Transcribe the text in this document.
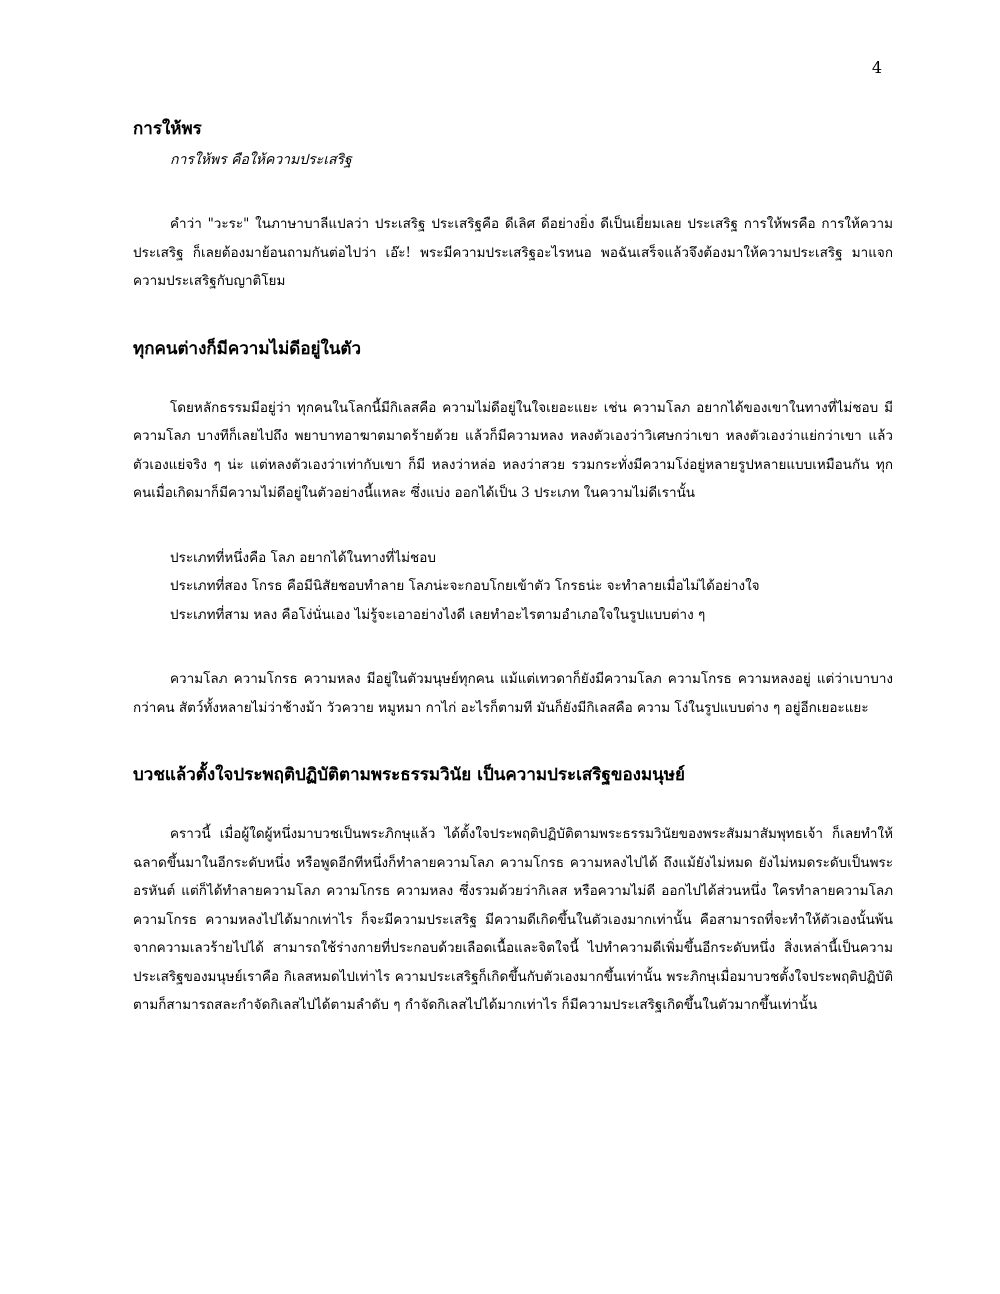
4
การให้พร

การให้พร คือให้ความประเสริฐ

คำว่า "วะระ" ในภาษาบาลีแปลว่า ประเสริฐ ประเสริฐคือ ดีเลิศ ดีอย่างยิ่ง ดีเป็นเยี่ยมเลย ประเสริฐ การให้พรคือ การให้ความประเสริฐ ก็เลยต้องมาย้อนถามกันต่อไปว่า เอ๊ะ! พระมีความประเสริฐอะไรหนอ พอฉันเสร็จแล้วจึงต้องมาให้ความประเสริฐ มาแจกความประเสริฐกับญาติโยม

ทุกคนต่างก็มีความไม่ดีอยู่ในตัว

โดยหลักธรรมมีอยู่ว่า ทุกคนในโลกนี้มีกิเลสคือ ความไม่ดีอยู่ในใจเยอะแยะ เช่น ความโลภ อยากได้ของเขาในทางที่ไม่ชอบ มีความโลภ บางทีก็เลยไปถึง พยาบาทอาฆาตมาดร้ายด้วย แล้วก็มีความหลง หลงตัวเองว่าวิเศษกว่าเขา หลงตัวเองว่าแย่กว่าเขา แล้วตัวเองแย่จริง ๆ น่ะ แต่หลงตัวเองว่าเท่ากับเขา ก็มี หลงว่าหล่อ หลงว่าสวย รวมกระทั่งมีความโง่อยู่หลายรูปหลายแบบเหมือนกัน ทุกคนเมื่อเกิดมาก็มีความไม่ดีอยู่ในตัวอย่างนี้แหละ ซึ่งแบ่ง ออกได้เป็น 3 ประเภท ในความไม่ดีเรานั้น

ประเภทที่หนึ่งคือ โลภ อยากได้ในทางที่ไม่ชอบ
ประเภทที่สอง โกรธ คือมีนิสัยชอบทำลาย โลภน่ะจะกอบโกยเข้าตัว โกรธน่ะ จะทำลายเมื่อไม่ได้อย่างใจ
ประเภทที่สาม หลง คือโง่นั่นเอง ไม่รู้จะเอาอย่างไงดี เลยทำอะไรตามอำเภอใจในรูปแบบต่าง ๆ

ความโลภ ความโกรธ ความหลง มีอยู่ในตัวมนุษย์ทุกคน แม้แต่เทวดาก็ยังมีความโลภ ความโกรธ ความหลงอยู่ แต่ว่าเบาบางกว่าคน สัตว์ทั้งหลายไม่ว่าช้างม้า วัวควาย หมูหมา กาไก่ อะไรก็ตามที มันก็ยังมีกิเลสคือ ความ โง่ในรูปแบบต่าง ๆ อยู่อีกเยอะแยะ

บวชแล้วตั้งใจประพฤติปฏิบัติตามพระธรรมวินัย เป็นความประเสริฐของมนุษย์

คราวนี้ เมื่อผู้ใดผู้หนึ่งมาบวชเป็นพระภิกษุแล้ว ได้ตั้งใจประพฤติปฏิบัติตามพระธรรมวินัยของพระสัมมาสัมพุทธเจ้า ก็เลยทำให้ฉลาดขึ้นมาในอีกระดับหนึ่ง หรือพูดอีกทีหนึ่งก็ทำลายความโลภ ความโกรธ ความหลงไปได้ ถึงแม้ยังไม่หมด ยังไม่หมดระดับเป็นพระอรหันต์ แต่ก็ได้ทำลายความโลภ ความโกรธ ความหลง ซึ่งรวมด้วยว่ากิเลส หรือความไม่ดี ออกไปได้ส่วนหนึ่ง ใครทำลายความโลภ ความโกรธ ความหลงไปได้มากเท่าไร ก็จะมีความประเสริฐ มีความดีเกิดขึ้นในตัวเองมากเท่านั้น คือสามารถที่จะทำให้ตัวเองนั้นพ้นจากความเลวร้ายไปได้ สามารถใช้ร่างกายที่ประกอบด้วยเลือดเนื้อและจิตใจนี้ ไปทำความดีเพิ่มขึ้นอีกระดับหนึ่ง สิ่งเหล่านี้เป็นความประเสริฐของมนุษย์เราคือ กิเลสหมดไปเท่าไร ความประเสริฐก็เกิดขึ้นกับตัวเองมากขึ้นเท่านั้น พระภิกษุเมื่อมาบวชตั้งใจประพฤติปฏิบัติตามก็สามารถสละกำจัดกิเลสไปได้ตามลำดับ ๆ กำจัดกิเลสไปได้มากเท่าไร ก็มีความประเสริฐเกิดขึ้นในตัวมากขึ้นเท่านั้น
